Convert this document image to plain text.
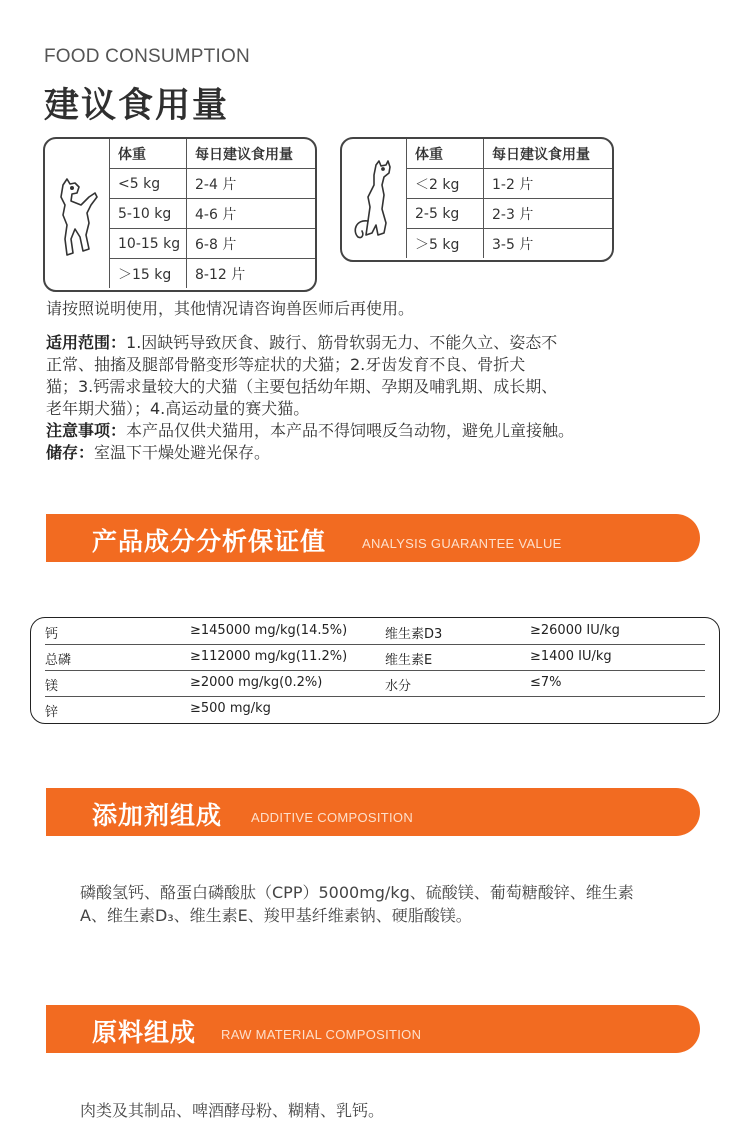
FOOD CONSUMPTION
建议食用量
体重	每日建议食用量
<5 kg	2-4 片
5-10 kg	4-6 片
10-15 kg	6-8 片
＞15 kg	8-12 片
体重	每日建议食用量
＜2 kg	1-2 片
2-5 kg	2-3 片
＞5 kg	3-5 片
请按照说明使用，其他情况请咨询兽医师后再使用。
适用范围：1.因缺钙导致厌食、跛行、筋骨软弱无力、不能久立、姿态不
正常、抽搐及腿部骨骼变形等症状的犬猫；2.牙齿发育不良、骨折犬
猫；3.钙需求量较大的犬猫（主要包括幼年期、孕期及哺乳期、成长期、
老年期犬猫）；4.高运动量的赛犬猫。
注意事项：本产品仅供犬猫用，本产品不得饲喂反刍动物，避免儿童接触。
储存：室温下干燥处避光保存。
产品成分分析保证值	ANALYSIS GUARANTEE VALUE
钙	≥145000 mg/kg(14.5%)	维生素D3	≥26000 IU/kg
总磷	≥112000 mg/kg(11.2%)	维生素E	≥1400 IU/kg
镁	≥2000 mg/kg(0.2%)	水分	≤7%
锌	≥500 mg/kg
添加剂组成 ADDITIVE COMPOSITION
磷酸氢钙、酪蛋白磷酸肽（CPP）5000mg/kg、硫酸镁、葡萄糖酸锌、维生素
A、维生素D₃、维生素E、羧甲基纤维素钠、硬脂酸镁。
原料组成 RAW MATERIAL COMPOSITION
肉类及其制品、啤酒酵母粉、糊精、乳钙。
